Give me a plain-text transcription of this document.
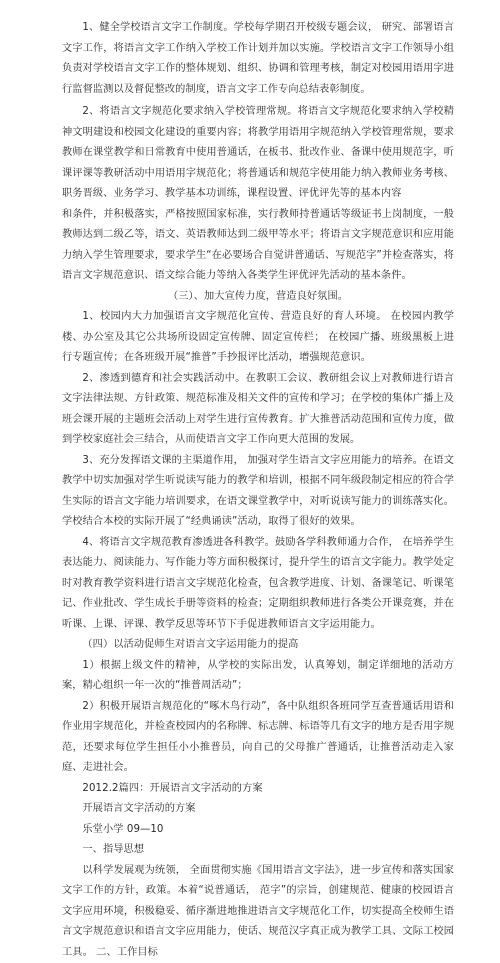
1、健全学校语言文字工作制度。学校每学期召开校级专题会议， 研究、部署语言文字工作，将语言文字工作纳入学校工作计划并加以实施。学校语言文字工作领导小组负责对学校语言文字工作的整体规划、组织、协调和管理考核，制定对校园用语用字进行监督监测以及督促整改的制度，语言文字工作专向总结表彰制度。

2、将语言文字规范化要求纳入学校管理常规。将语言文字规范化要求纳入学校精神文明建设和校园文化建设的重要内容；将教学用语用字规范纳入学校管理常规，要求教师在课堂教学和日常教育中使用普通话，在板书、批改作业、备课中使用规范字，听课评课等教研活动中用语用字规范化；将普通话和规范字使用能力纳入教师业务考核、职务晋级、业务学习、教学基本功训练，课程设置、评优评先等的基本内容

和条件，并积极落实，严格按照国家标准，实行教师持普通话等级证书上岗制度，一般教师达到二级乙等，语文、英语教师达到二级甲等水平；将语言文字规范意识和应用能力纳入学生管理要求，要求学生“在必要场合自觉讲普通话、写规范字”并检查落实，将语言文字规范意识、语文综合能力等纳入各类学生评优评先活动的基本条件。

（三）、加大宣传力度，营造良好氛围。

1、校园内大力加强语言文字规范化宣传、营造良好的育人环境。 在校园内教学楼、办公室及其它公共场所设固定宣传牌、固定宣传栏； 在校园广播、班级黑板上进行专题宣传；在各班级开展“推普”手抄报评比活动，增强规范意识。

2、渗透到德育和社会实践活动中。在教职工会议、教研组会议上对教师进行语言文字法律法规、方针政策、规范标准及相关文件的宣传和学习；在学校的集体广播上及班会课开展的主题班会活动上对学生进行宣传教育。扩大推普活动范围和宣传力度，做到学校家庭社会三结合，从而使语言文字工作向更大范围的发展。

3、充分发挥语文课的主渠道作用， 加强对学生语言文字应用能力的培养。在语文教学中切实加强对学生听说读写能力的教学和培训，根据不同年级段制定相应的符合学生实际的语言文字能力培训要求，在语文课堂教学中，对听说读写能力的训练落实化。学校结合本校的实际开展了“经典诵读”活动，取得了很好的效果。

4、将语言文字规范教育渗透进各科教学。鼓励各学科教师通力合作， 在培养学生表达能力、阅读能力、写作能力等方面积极探讨，提升学生的语言文字能力。教学处定时对教育教学资料进行语言文字规范化检查，包含教学进度、计划、备课笔记、听课笔记、作业批改、学生成长手册等资料的检查；定期组织教师进行各类公开课竞赛，并在听课、上课、评课、教学反思等环节下手促进教师语言文字运用能力。

（四）以活动促师生对语言文字运用能力的提高

1）根据上级文件的精神，从学校的实际出发，认真筹划，制定详细地的活动方案，精心组织一年一次的“推普周活动”；

2）积极开展语言规范化的“啄木鸟行动”，各中队组织各班同学互查普通话用语和作业用字规范化，并检查校园内的名称牌、标志牌、标语等几有文字的地方是否用字规范，还要求每位学生担任小小推普员，向自己的父母推广普通话，让推普活动走入家庭、走进社会。

2012.2篇四：开展语言文字活动的方案

开展语言文字活动的方案

乐堂小学 09—10

一、指导思想

以科学发展观为统领， 全面贯彻实施《国用语言文字法》，进一步宣传和落实国家文字工作的方针，政策。本着“说普通话， 范字”的宗旨，创建规范、健康的校园语言文字应用环境，积极稳妥、循序渐进地推进语言文字规范化工作，切实提高全校师生语言文字规范意识和语言文字应用能力，使话、规范汉字真正成为教学工具、文际工校园工具。 二、工作目标
